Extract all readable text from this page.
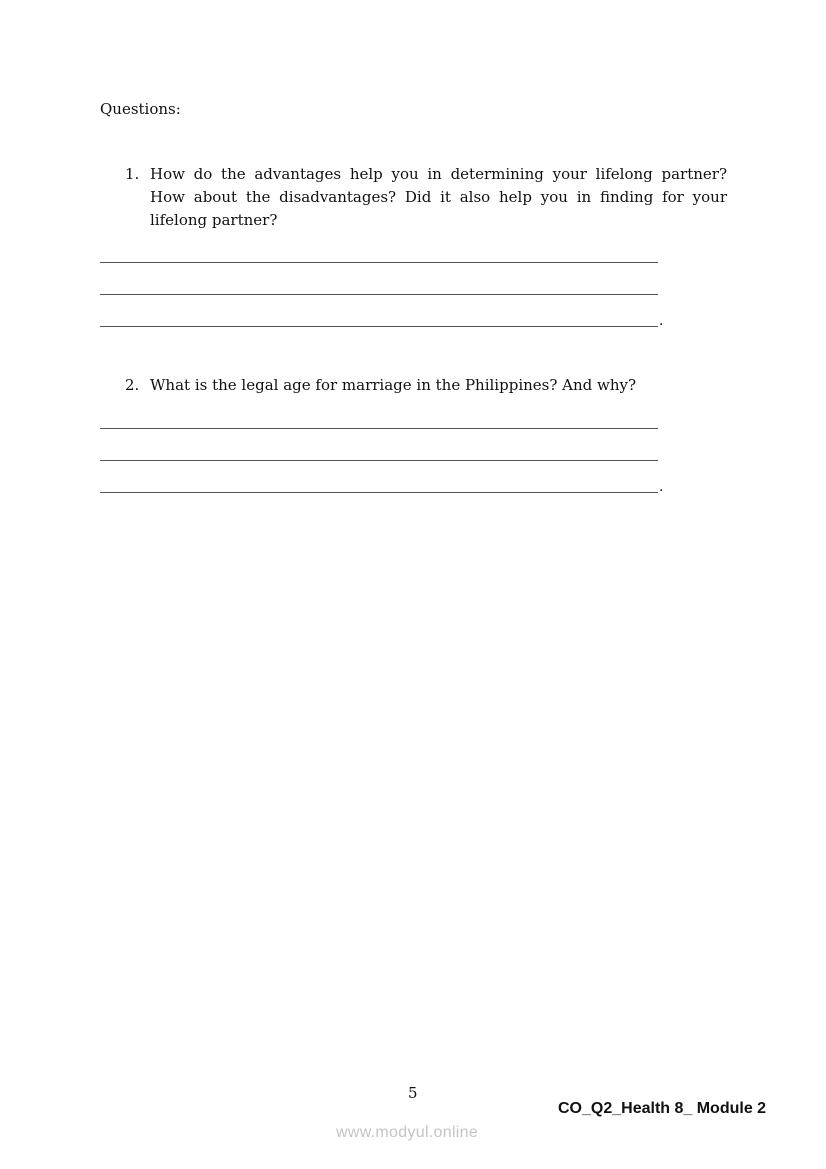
Questions:
1. How do the advantages help you in determining your lifelong partner? How about the disadvantages? Did it also help you in finding for your lifelong partner?
.
2. What is the legal age for marriage in the Philippines? And why?
.
5
CO_Q2_Health 8_ Module 2
www.modyul.online
